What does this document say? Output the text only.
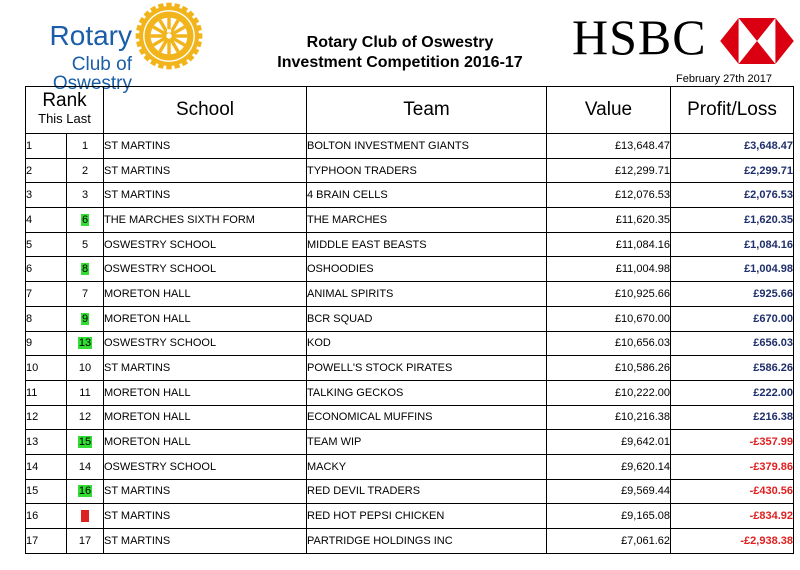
Rotary
Club of Oswestry
Rotary Club of Oswestry
Investment Competition 2016-17 HSBC
February 27th 2017
Rank
This Last		School	Team	Value	Profit/Loss
1	1	ST MARTINS	BOLTON INVESTMENT GIANTS	£13,648.47	£3,648.47
2	2	ST MARTINS	TYPHOON TRADERS	£12,299.71	£2,299.71
3	3	ST MARTINS	4 BRAIN CELLS	£12,076.53	£2,076.53
4	6	THE MARCHES SIXTH FORM	THE MARCHES	£11,620.35	£1,620.35
5	5	OSWESTRY SCHOOL	MIDDLE EAST BEASTS	£11,084.16	£1,084.16
6	8	OSWESTRY SCHOOL	OSHOODIES	£11,004.98	£1,004.98
7	7	MORETON HALL	ANIMAL SPIRITS	£10,925.66	£925.66
8	9	MORETON HALL	BCR SQUAD	£10,670.00	£670.00
9	13	OSWESTRY SCHOOL	KOD	£10,656.03	£656.03
10	10	ST MARTINS	POWELL'S STOCK PIRATES	£10,586.26	£586.26
11	11	MORETON HALL	TALKING GECKOS	£10,222.00	£222.00
12	12	MORETON HALL	ECONOMICAL MUFFINS	£10,216.38	£216.38
13	15	MORETON HALL	TEAM WIP	£9,642.01	-£357.99
14	14	OSWESTRY SCHOOL	MACKY	£9,620.14	-£379.86
15	16	ST MARTINS	RED DEVIL TRADERS	£9,569.44	-£430.56
16	4	ST MARTINS	RED HOT PEPSI CHICKEN	£9,165.08	-£834.92
17	17	ST MARTINS	PARTRIDGE HOLDINGS INC	£7,061.62	-£2,938.38
